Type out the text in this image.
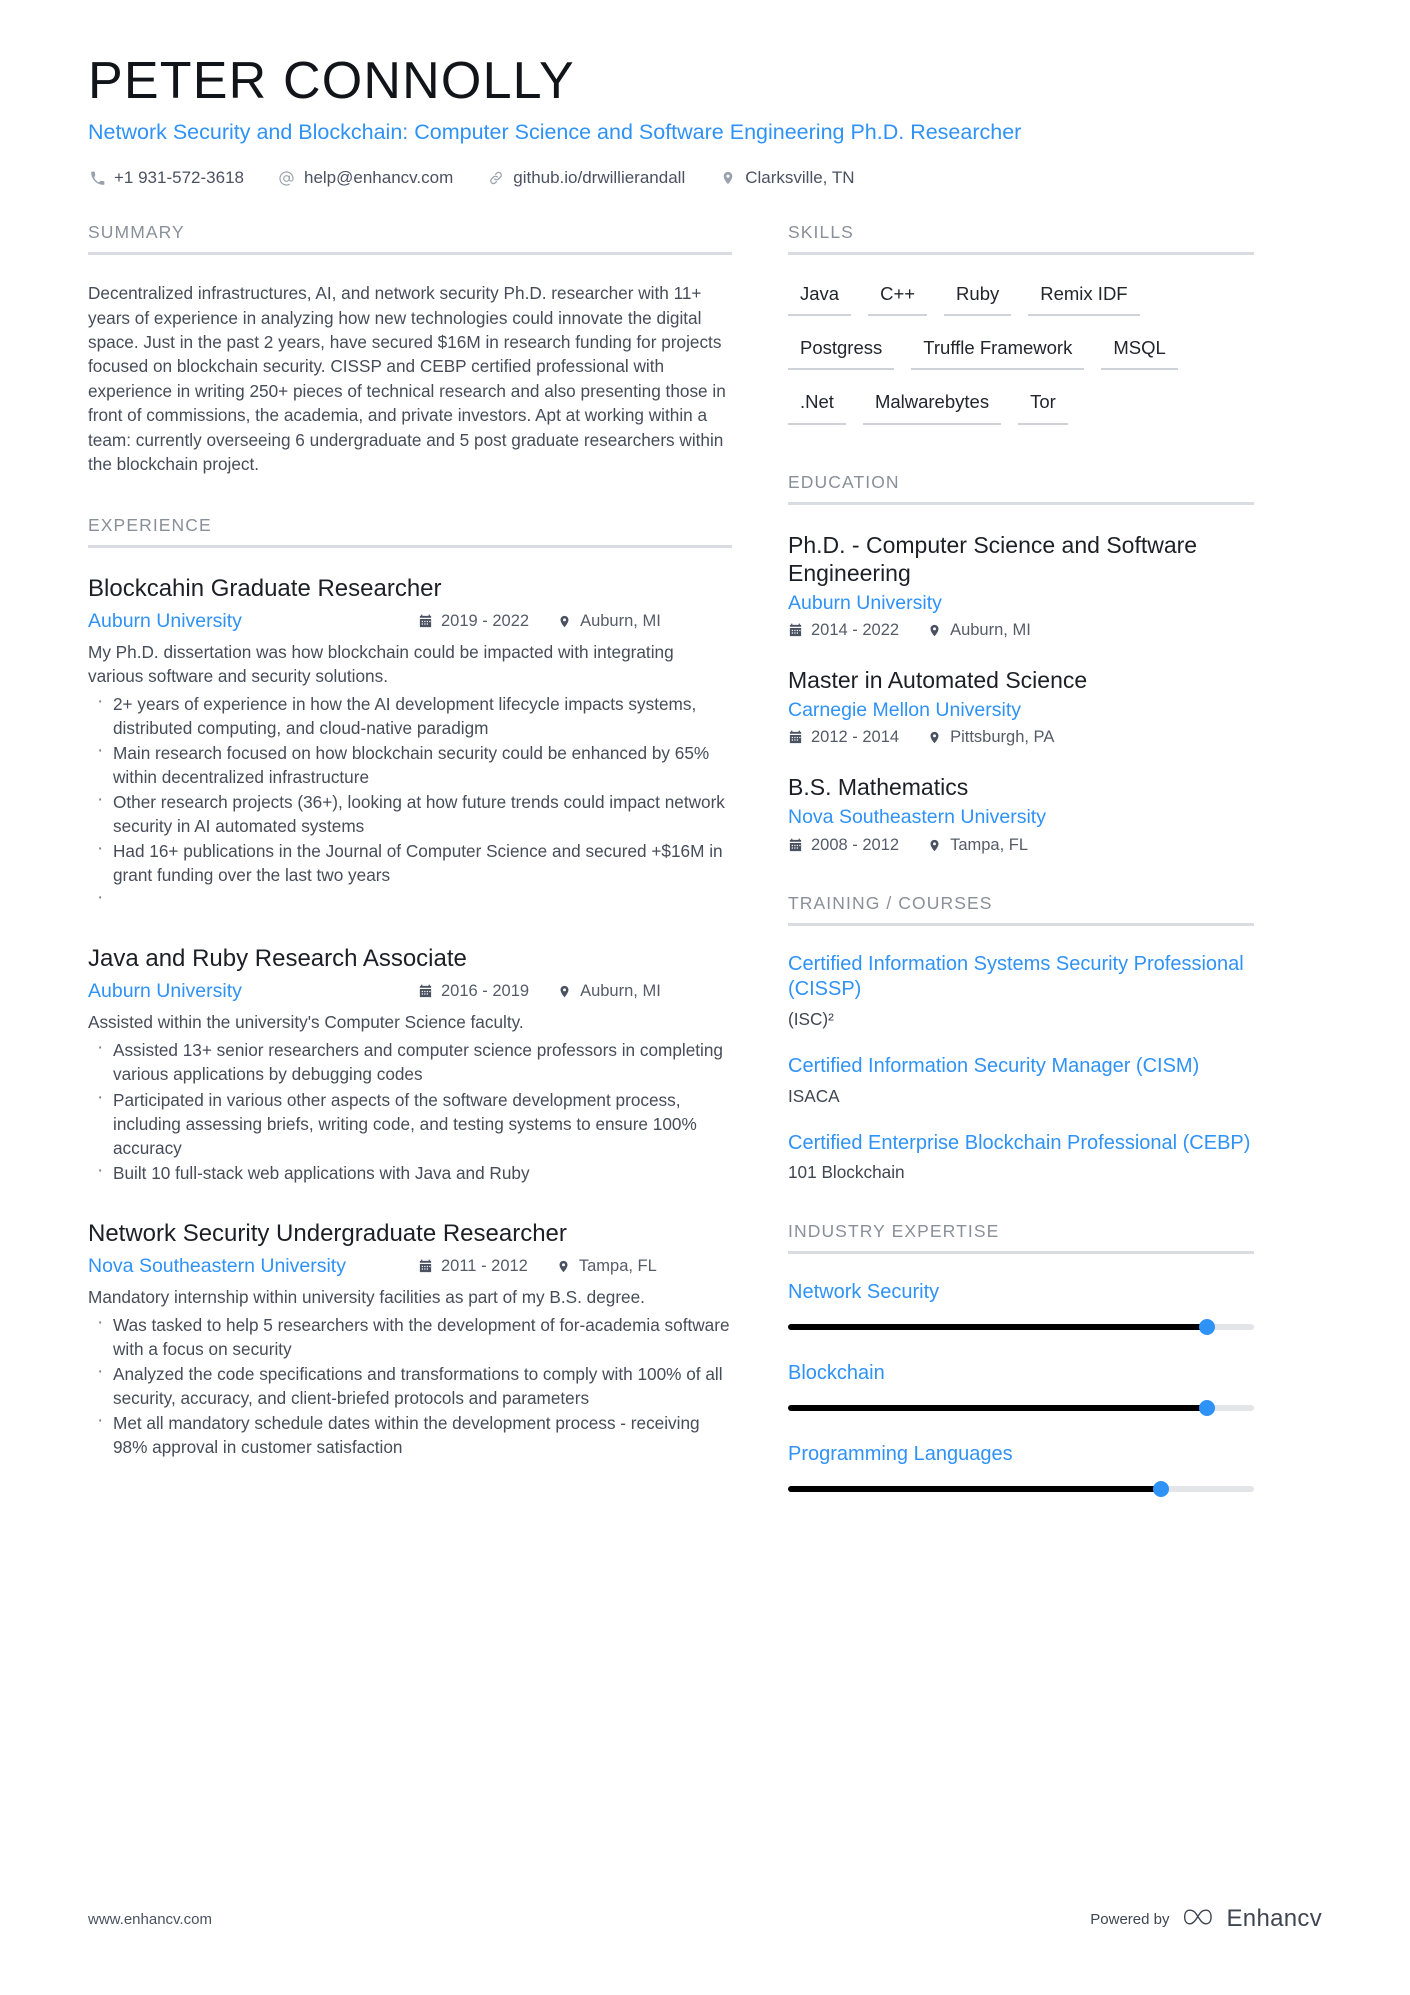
PETER CONNOLLY
Network Security and Blockchain: Computer Science and Software Engineering Ph.D. Researcher
+1 931-572-3618	help@enhancv.com	github.io/drwillierandall	Clarksville, TN
SUMMARY

Decentralized infrastructures, AI, and network security Ph.D. researcher with 11+ years of experience in analyzing how new technologies could innovate the digital space. Just in the past 2 years, have secured $16M in research funding for projects focused on blockchain security. CISSP and CEBP certified professional with experience in writing 250+ pieces of technical research and also presenting those in front of commissions, the academia, and private investors. Apt at working within a team: currently overseeing 6 undergraduate and 5 post graduate researchers within the blockchain project.

EXPERIENCE
Blockcahin Graduate Researcher
Auburn University	2019 - 2022	Auburn, MI
My Ph.D. dissertation was how blockchain could be impacted with integrating various software and security solutions.
· 2+ years of experience in how the AI development lifecycle impacts systems, distributed computing, and cloud-native paradigm
· Main research focused on how blockchain security could be enhanced by 65% within decentralized infrastructure
· Other research projects (36+), looking at how future trends could impact network security in AI automated systems
· Had 16+ publications in the Journal of Computer Science and secured +$16M in grant funding over the last two years
·
Java and Ruby Research Associate
Auburn University	2016 - 2019	Auburn, MI
Assisted within the university's Computer Science faculty.
· Assisted 13+ senior researchers and computer science professors in completing various applications by debugging codes
· Participated in various other aspects of the software development process, including assessing briefs, writing code, and testing systems to ensure 100% accuracy
· Built 10 full-stack web applications with Java and Ruby
Network Security Undergraduate Researcher
Nova Southeastern University	2011 - 2012	Tampa, FL
Mandatory internship within university facilities as part of my B.S. degree.
· Was tasked to help 5 researchers with the development of for-academia software with a focus on security
· Analyzed the code specifications and transformations to comply with 100% of all security, accuracy, and client-briefed protocols and parameters
· Met all mandatory schedule dates within the development process - receiving 98% approval in customer satisfaction
SKILLS
Java	C++	Ruby	Remix IDF
Postgress	Truffle Framework	MSQL
.Net	Malwarebytes	Tor
EDUCATION
Ph.D. - Computer Science and Software Engineering
Auburn University
2014 - 2022	Auburn, MI
Master in Automated Science
Carnegie Mellon University
2012 - 2014	Pittsburgh, PA
B.S. Mathematics
Nova Southeastern University
2008 - 2012	Tampa, FL
TRAINING / COURSES
Certified Information Systems Security Professional (CISSP)
(ISC)²
Certified Information Security Manager (CISM)
ISACA
Certified Enterprise Blockchain Professional (CEBP)
101 Blockchain
INDUSTRY EXPERTISE
Network Security
Blockchain
Programming Languages
www.enhancv.com	Powered by Enhancv
